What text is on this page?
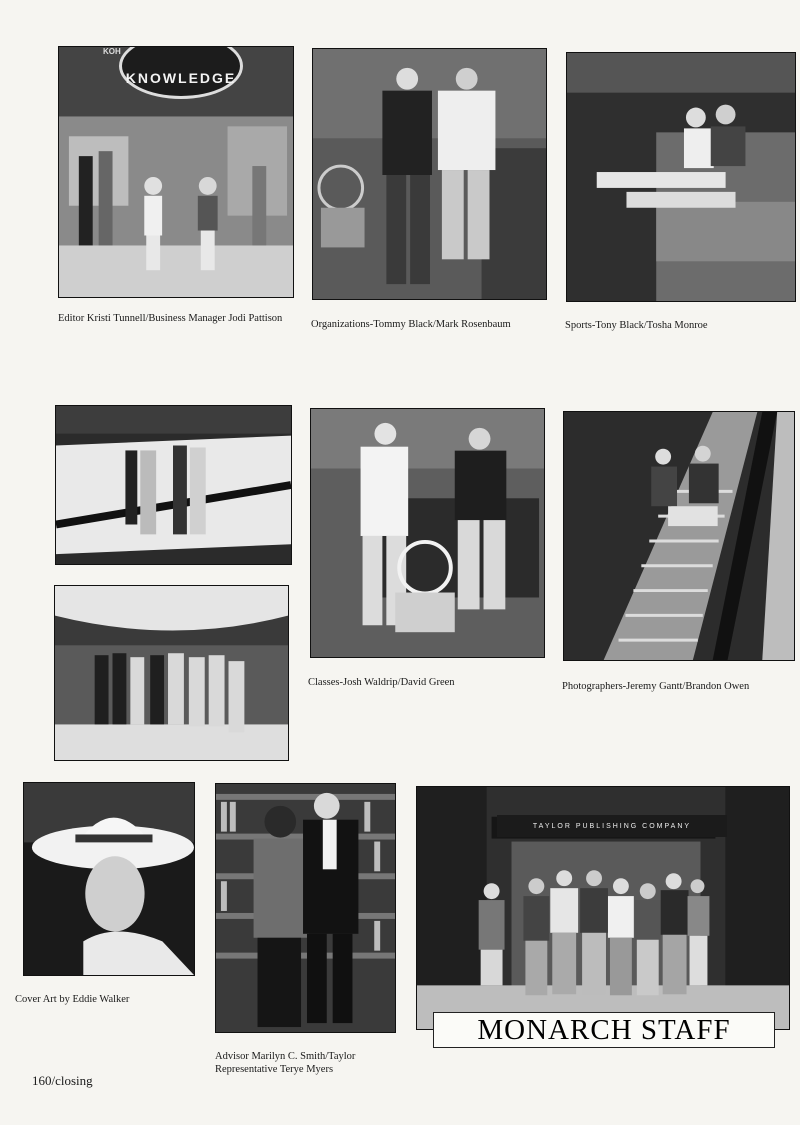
KOH
KNOWLEDGE
Editor Kristi Tunnell/Business Manager Jodi Pattison
Organizations-Tommy Black/Mark Rosenbaum	Sports-Tony Black/Tosha Monroe
Classes-Josh Waldrip/David Green	Photographers-Jeremy Gantt/Brandon Owen
Cover Art by Eddie Walker
Advisor Marilyn C. Smith/Taylor Representative Terye Myers
TAYLOR PUBLISHING COMPANY
MONARCH STAFF
160/closing
